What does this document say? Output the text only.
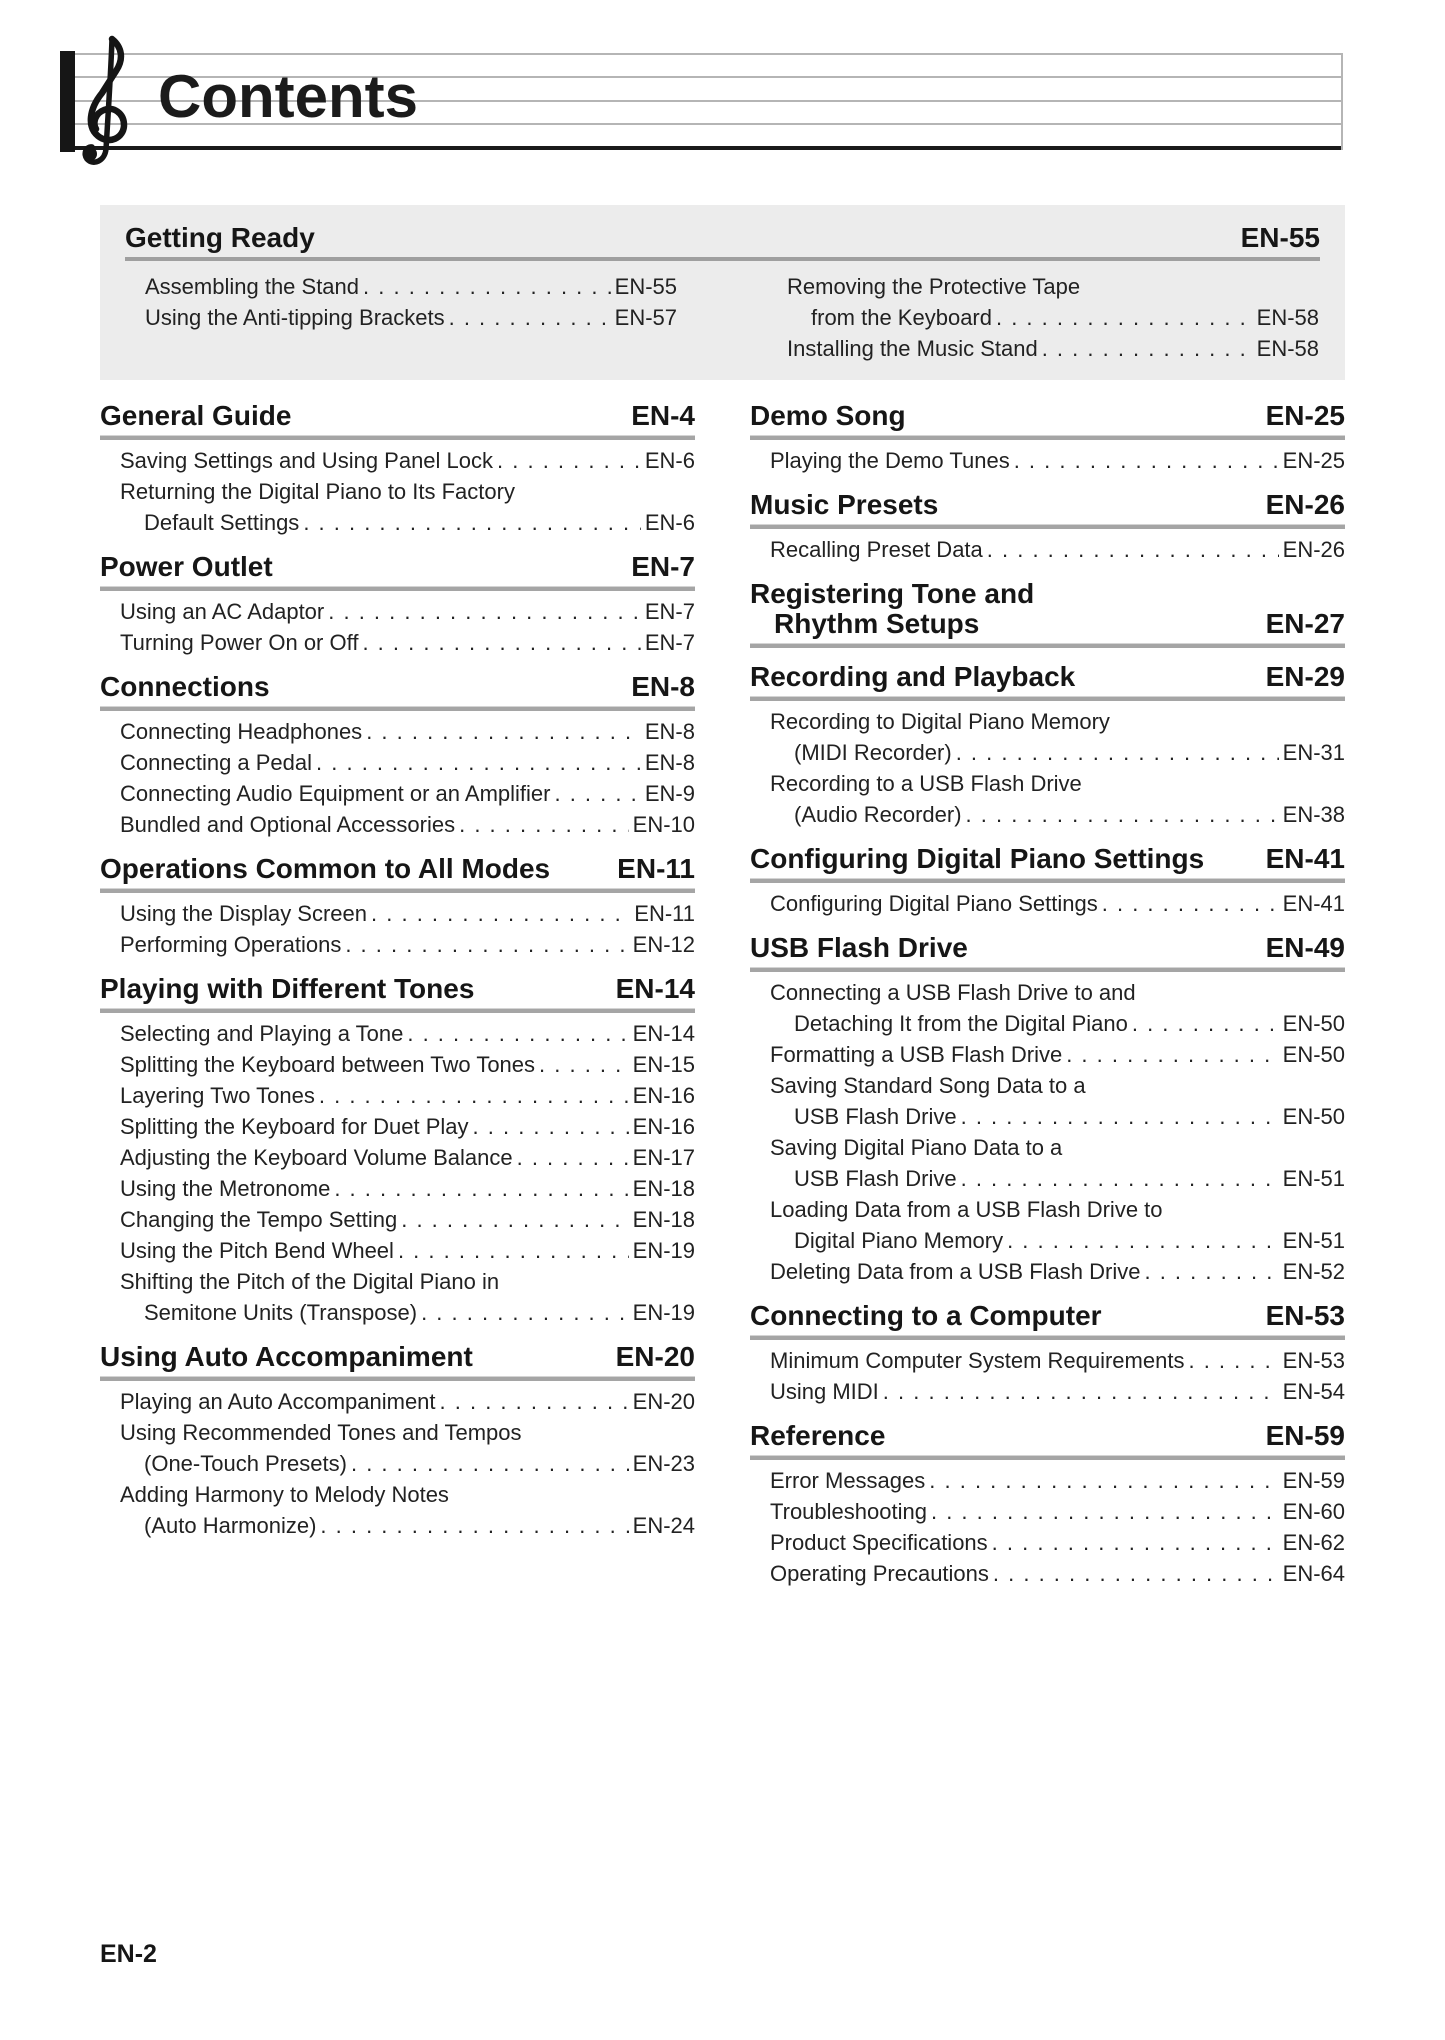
Contents
Getting Ready	EN-55
Assembling the Stand . . .	EN-55
Using the Anti-tipping Brackets . . .	EN-57
Removing the Protective Tape
from the Keyboard . . .	EN-58
Installing the Music Stand . . .	EN-58
General Guide	EN-4
Saving Settings and Using Panel Lock . . .	EN-6
Returning the Digital Piano to Its Factory
Default Settings . . .	EN-6
Power Outlet	EN-7
Using an AC Adaptor . . .	EN-7
Turning Power On or Off . . .	EN-7
Connections	EN-8
Connecting Headphones . . .	EN-8
Connecting a Pedal . . .	EN-8
Connecting Audio Equipment or an Amplifier . . .	EN-9
Bundled and Optional Accessories . . .	EN-10
Operations Common to All Modes EN-11
Using the Display Screen . . .	EN-11
Performing Operations . . .	EN-12
Playing with Different Tones	EN-14
Selecting and Playing a Tone . . .	EN-14
Splitting the Keyboard between Two Tones . . .	EN-15
Layering Two Tones . . .	EN-16
Splitting the Keyboard for Duet Play . . .	EN-16
Adjusting the Keyboard Volume Balance . . .	EN-17
Using the Metronome . . .	EN-18
Changing the Tempo Setting . . .	EN-18
Using the Pitch Bend Wheel . . .	EN-19
Shifting the Pitch of the Digital Piano in
Semitone Units (Transpose) . . .	EN-19
Using Auto Accompaniment	EN-20
Playing an Auto Accompaniment . . .	EN-20
Using Recommended Tones and Tempos
(One-Touch Presets) . . .	EN-23
Adding Harmony to Melody Notes
(Auto Harmonize) . . .	EN-24
Demo Song	EN-25
Playing the Demo Tunes . . .	EN-25
Music Presets	EN-26
Recalling Preset Data . . .	EN-26
Registering Tone and
Rhythm Setups	EN-27
Recording and Playback	EN-29
Recording to Digital Piano Memory
(MIDI Recorder) . . .	EN-31
Recording to a USB Flash Drive
(Audio Recorder) . . .	EN-38
Configuring Digital Piano Settings EN-41
Configuring Digital Piano Settings . . .	EN-41
USB Flash Drive	EN-49
Connecting a USB Flash Drive to and
Detaching It from the Digital Piano . . .	EN-50
Formatting a USB Flash Drive . . .	EN-50
Saving Standard Song Data to a
USB Flash Drive . . .	EN-50
Saving Digital Piano Data to a
USB Flash Drive . . .	EN-51
Loading Data from a USB Flash Drive to
Digital Piano Memory . . .	EN-51
Deleting Data from a USB Flash Drive . . .	EN-52
Connecting to a Computer	EN-53
Minimum Computer System Requirements . . .	EN-53
Using MIDI . . .	EN-54
Reference	EN-59
Error Messages . . .	EN-59
Troubleshooting . . .	EN-60
Product Specifications . . .	EN-62
Operating Precautions . . .	EN-64
EN-2
